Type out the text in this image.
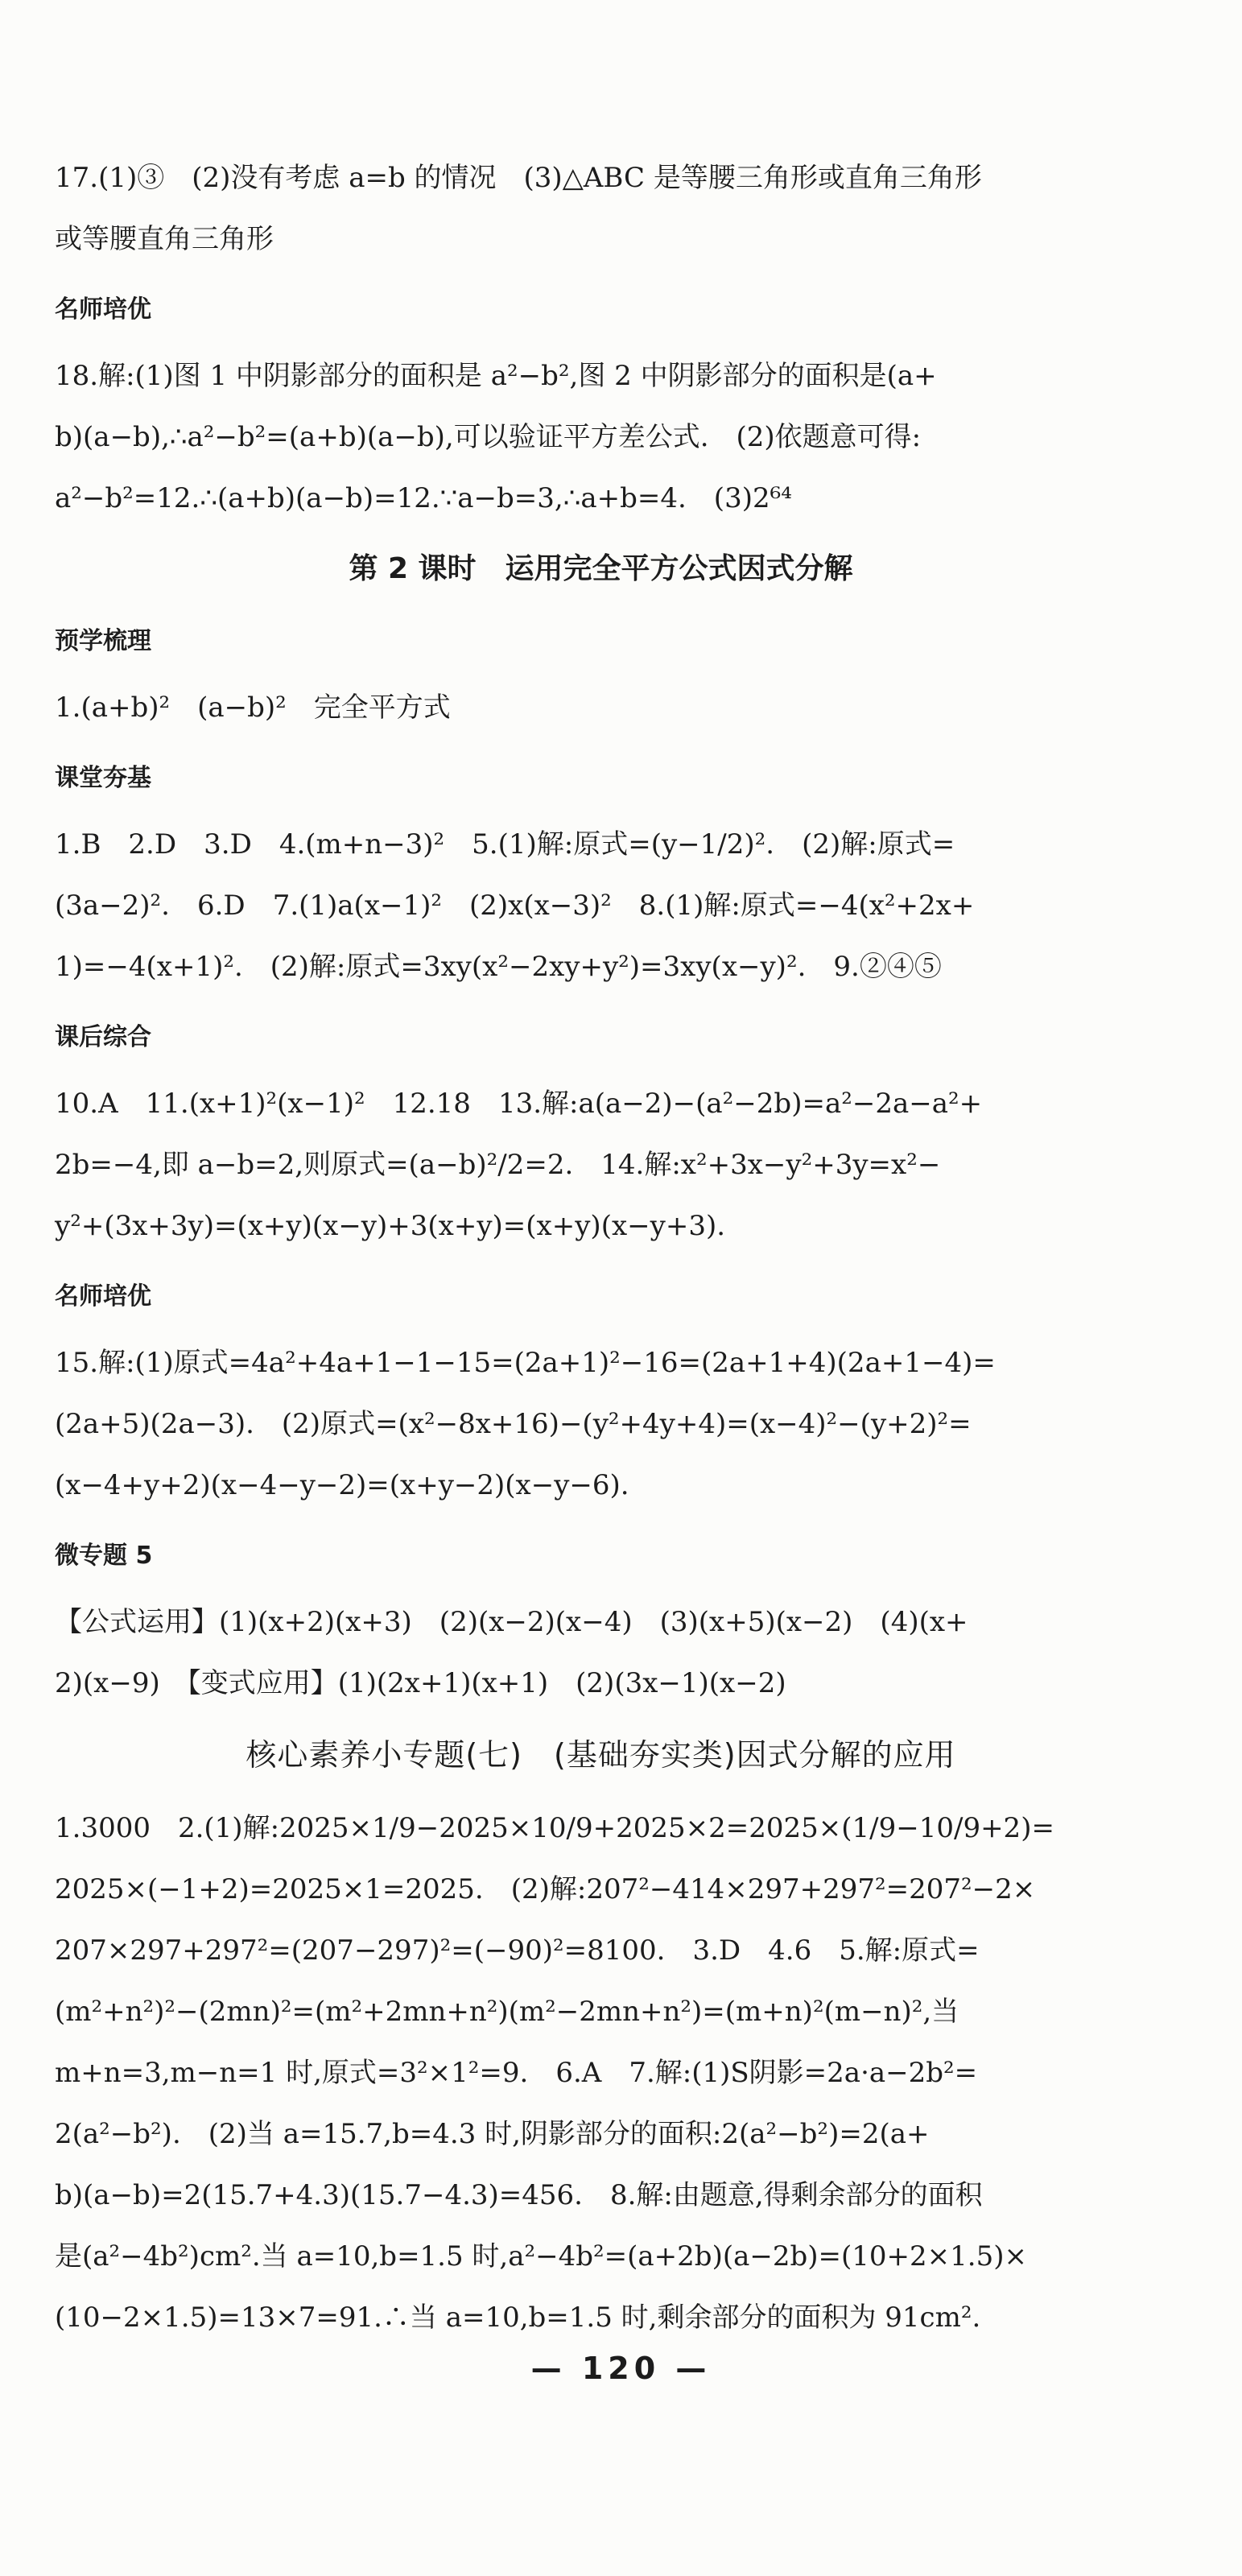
17.(1)③　(2)没有考虑 a=b 的情况　(3)△ABC 是等腰三角形或直角三角形

或等腰直角三角形

名师培优

18.解:(1)图 1 中阴影部分的面积是 a²−b²,图 2 中阴影部分的面积是(a+

b)(a−b),∴a²−b²=(a+b)(a−b),可以验证平方差公式.　(2)依题意可得:

a²−b²=12.∴(a+b)(a−b)=12.∵a−b=3,∴a+b=4.　(3)2⁶⁴

第 2 课时　运用完全平方公式因式分解
预学梳理

1.(a+b)²　(a−b)²　完全平方式

课堂夯基

1.B　2.D　3.D　4.(m+n−3)²　5.(1)解:原式=(y−1/2)².　(2)解:原式=

(3a−2)².　6.D　7.(1)a(x−1)²　(2)x(x−3)²　8.(1)解:原式=−4(x²+2x+

1)=−4(x+1)².　(2)解:原式=3xy(x²−2xy+y²)=3xy(x−y)².　9.②④⑤

课后综合

10.A　11.(x+1)²(x−1)²　12.18　13.解:a(a−2)−(a²−2b)=a²−2a−a²+

2b=−4,即 a−b=2,则原式=(a−b)²/2=2.　14.解:x²+3x−y²+3y=x²−

y²+(3x+3y)=(x+y)(x−y)+3(x+y)=(x+y)(x−y+3).

名师培优

15.解:(1)原式=4a²+4a+1−1−15=(2a+1)²−16=(2a+1+4)(2a+1−4)=

(2a+5)(2a−3).　(2)原式=(x²−8x+16)−(y²+4y+4)=(x−4)²−(y+2)²=

(x−4+y+2)(x−4−y−2)=(x+y−2)(x−y−6).

微专题 5

【公式运用】(1)(x+2)(x+3)　(2)(x−2)(x−4)　(3)(x+5)(x−2)　(4)(x+

2)(x−9)　【变式应用】(1)(2x+1)(x+1)　(2)(3x−1)(x−2)

核心素养小专题(七)　(基础夯实类)因式分解的应用

1.3000　2.(1)解:2025×1/9−2025×10/9+2025×2=2025×(1/9−10/9+2)=

2025×(−1+2)=2025×1=2025.　(2)解:207²−414×297+297²=207²−2×

207×297+297²=(207−297)²=(−90)²=8100.　3.D　4.6　5.解:原式=

(m²+n²)²−(2mn)²=(m²+2mn+n²)(m²−2mn+n²)=(m+n)²(m−n)²,当

m+n=3,m−n=1 时,原式=3²×1²=9.　6.A　7.解:(1)S阴影=2a·a−2b²=

2(a²−b²).　(2)当 a=15.7,b=4.3 时,阴影部分的面积:2(a²−b²)=2(a+

b)(a−b)=2(15.7+4.3)(15.7−4.3)=456.　8.解:由题意,得剩余部分的面积

是(a²−4b²)cm².当 a=10,b=1.5 时,a²−4b²=(a+2b)(a−2b)=(10+2×1.5)×

(10−2×1.5)=13×7=91.∴当 a=10,b=1.5 时,剩余部分的面积为 91cm².

— 120 —
